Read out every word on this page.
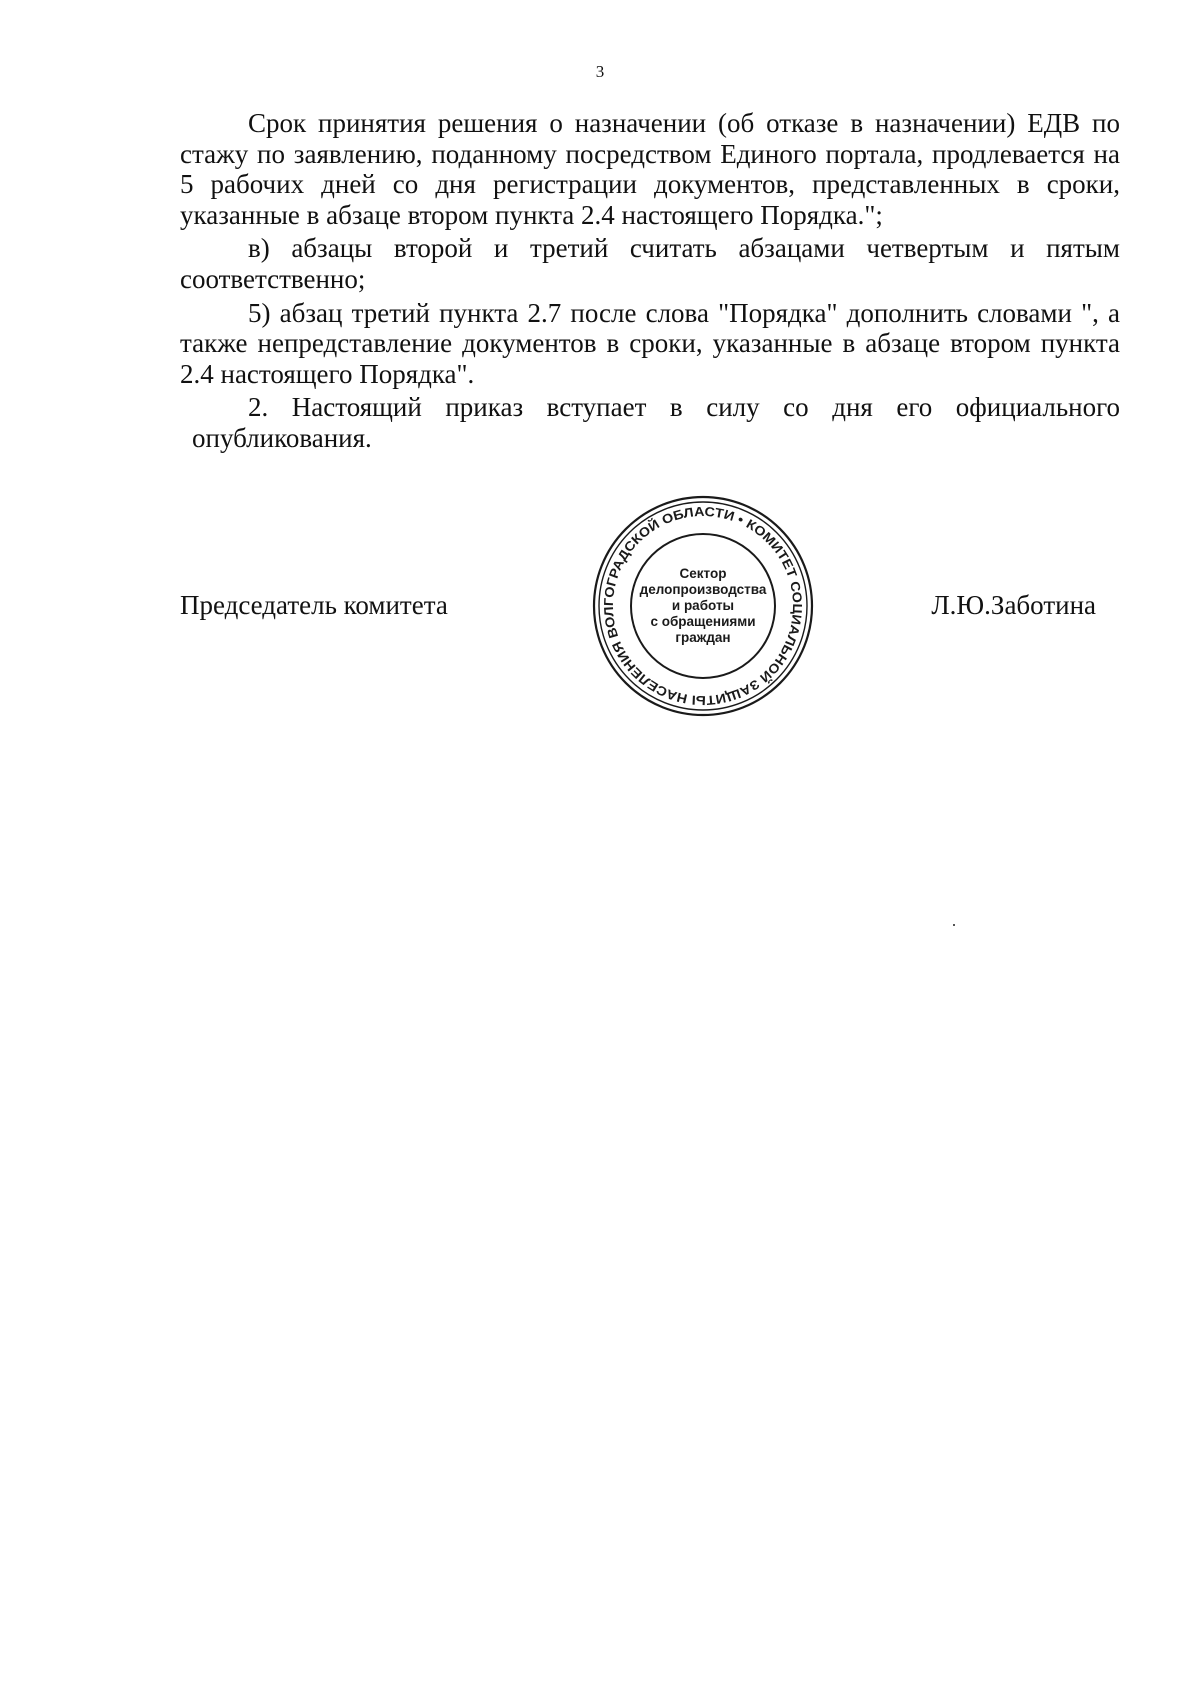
3

Срок принятия решения о назначении (об отказе в назначении) ЕДВ по стажу по заявлению, поданному посредством Единого портала, продлевается на 5 рабочих дней со дня регистрации документов, представленных в сроки, указанные в абзаце втором пункта 2.4 настоящего Порядка.";

в) абзацы второй и третий считать абзацами четвертым и пятым соответственно;

5) абзац третий пункта 2.7 после слова "Порядка" дополнить словами ", а также непредставление документов в сроки, указанные в абзаце втором пункта 2.4 настоящего Порядка".

2. Настоящий приказ вступает в силу со дня его официального опубликования.

Председатель комитета
КОМИТЕТ СОЦИАЛЬНОЙ ЗАЩИТЫ НАСЕЛЕНИЯ ВОЛГОГРАДСКОЙ ОБЛАСТИ •
Сектор
делопроизводства
и работы
с обращениями
граждан
Л.Ю.Заботина
